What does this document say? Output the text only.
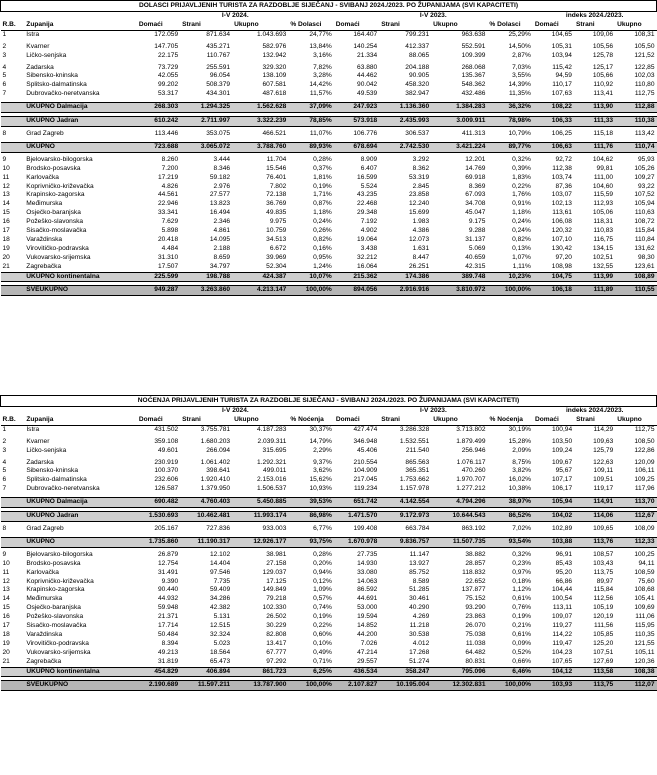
DOLASCI PRIJAVLJENIH TURISTA ZA RAZDOBLJE SIJEČANJ - SVIBANJ 2024./2023. PO ŽUPANIJAMA (SVI KAPACITETI)												
		I-V 2024.				I-V 2023.				indeks 2024./2023.		
R.B.	Županija	Domaći	Strani	Ukupno	% Dolasci	Domaći	Strani	Ukupno	% Dolasci	Domaći	Strani	Ukupno
1	Istra	172.059	871.634	1.043.693	24,77%	164.407	799.231	963.638	25,29%	104,65	109,06	108,31

2	Kvarner	147.705	435.271	582.976	13,84%	140.254	412.337	552.591	14,50%	105,31	105,56	105,50
3	Ličko-senjska	22.175	110.767	132.942	3,16%	21.334	88.065	109.399	2,87%	103,94	125,78	121,52

4	Zadarska	73.729	255.591	329.320	7,82%	63.880	204.188	268.068	7,03%	115,42	125,17	122,85
5	Šibensko-kninska	42.055	96.054	138.109	3,28%	44.462	90.905	135.367	3,55%	94,59	105,66	102,03
6	Splitsko-dalmatinska	99.202	508.379	607.581	14,42%	90.042	458.320	548.362	14,39%	110,17	110,92	110,80
7	Dubrovačko-neretvanska	53.317	434.301	487.618	11,57%	49.539	382.947	432.486	11,35%	107,63	113,41	112,75

	UKUPNO Dalmacija	268.303	1.294.325	1.562.628	37,09%	247.923	1.136.360	1.384.283	36,32%	108,22	113,90	112,88

	UKUPNO Jadran	610.242	2.711.997	3.322.239	78,85%	573.918	2.435.993	3.009.911	78,98%	106,33	111,33	110,38

8	Grad Zagreb	113.446	353.075	466.521	11,07%	106.776	306.537	411.313	10,79%	106,25	115,18	113,42

	UKUPNO	723.688	3.065.072	3.788.760	89,93%	678.694	2.742.530	3.421.224	89,77%	106,63	111,76	110,74

9	Bjelovarsko-bilogorska	8.260	3.444	11.704	0,28%	8.909	3.292	12.201	0,32%	92,72	104,62	95,93
10	Brodsko-posavska	7.200	8.346	15.546	0,37%	6.407	8.362	14.769	0,39%	112,38	99,81	105,26
11	Karlovačka	17.219	59.182	76.401	1,81%	16.599	53.319	69.918	1,83%	103,74	111,00	109,27
12	Koprivničko-križevačka	4.826	2.976	7.802	0,19%	5.524	2.845	8.369	0,22%	87,36	104,60	93,22
13	Krapinsko-zagorska	44.561	27.577	72.138	1,71%	43.235	23.858	67.093	1,76%	103,07	115,59	107,52
14	Međimurska	22.946	13.823	36.769	0,87%	22.468	12.240	34.708	0,91%	102,13	112,93	105,94
15	Osječko-baranjska	33.341	16.494	49.835	1,18%	29.348	15.699	45.047	1,18%	113,61	105,06	110,63
16	Požeško-slavonska	7.629	2.346	9.975	0,24%	7.192	1.983	9.175	0,24%	106,08	118,31	108,72
17	Sisačko-moslavačka	5.898	4.861	10.759	0,26%	4.902	4.386	9.288	0,24%	120,32	110,83	115,84
18	Varaždinska	20.418	14.095	34.513	0,82%	19.064	12.073	31.137	0,82%	107,10	116,75	110,84
19	Virovitičko-podravska	4.484	2.188	6.672	0,16%	3.438	1.631	5.069	0,13%	130,42	134,15	131,62
20	Vukovarsko-srijemska	31.310	8.659	39.969	0,95%	32.212	8.447	40.659	1,07%	97,20	102,51	98,30
21	Zagrebačka	17.507	34.797	52.304	1,24%	16.064	26.251	42.315	1,11%	108,98	132,55	123,61
	UKUPNO kontinentalna	225.599	198.788	424.387	10,07%	215.362	174.386	389.748	10,23%	104,75	113,99	108,89

	SVEUKUPNO	949.287	3.263.860	4.213.147	100,00%	894.056	2.916.916	3.810.972	100,00%	106,18	111,89	110,55
NOĆENJA PRIJAVLJENIH TURISTA ZA RAZDOBLJE SIJEČANJ - SVIBANJ 2024./2023. PO ŽUPANIJAMA (SVI KAPACITETI)												
		I-V 2024.				I-V 2023.				indeks 2024./2023.		
R.B.	Županija	Domaći	Strani	Ukupno	% Noćenja	Domaći	Strani	Ukupno	% Noćenja	Domaći	Strani	Ukupno
1	Istra	431.502	3.755.781	4.187.283	30,37%	427.474	3.286.328	3.713.802	30,19%	100,94	114,29	112,75

2	Kvarner	359.108	1.680.203	2.039.311	14,79%	346.948	1.532.551	1.879.499	15,28%	103,50	109,63	108,50
3	Ličko-senjska	49.601	266.094	315.695	2,29%	45.406	211.540	256.946	2,09%	109,24	125,79	122,86

4	Zadarska	230.919	1.061.402	1.292.321	9,37%	210.554	865.563	1.076.117	8,75%	109,67	122,63	120,09
5	Šibensko-kninska	100.370	398.641	499.011	3,62%	104.909	365.351	470.260	3,82%	95,67	109,11	106,11
6	Splitsko-dalmatinska	232.606	1.920.410	2.153.016	15,62%	217.045	1.753.662	1.970.707	16,02%	107,17	109,51	109,25
7	Dubrovačko-neretvanska	126.587	1.379.950	1.506.537	10,93%	119.234	1.157.978	1.277.212	10,38%	106,17	119,17	117,96

	UKUPNO Dalmacija	690.482	4.760.403	5.450.885	39,53%	651.742	4.142.554	4.794.296	38,97%	105,94	114,91	113,70

	UKUPNO Jadran	1.530.693	10.462.481	11.993.174	86,98%	1.471.570	9.172.973	10.644.543	86,52%	104,02	114,06	112,67

8	Grad Zagreb	205.167	727.836	933.003	6,77%	199.408	663.784	863.192	7,02%	102,89	109,65	108,09

	UKUPNO	1.735.860	11.190.317	12.926.177	93,75%	1.670.978	9.836.757	11.507.735	93,54%	103,88	113,76	112,33

9	Bjelovarsko-bilogorska	26.879	12.102	38.981	0,28%	27.735	11.147	38.882	0,32%	96,91	108,57	100,25
10	Brodsko-posavska	12.754	14.404	27.158	0,20%	14.930	13.927	28.857	0,23%	85,43	103,43	94,11
11	Karlovačka	31.491	97.546	129.037	0,94%	33.080	85.752	118.832	0,97%	95,20	113,75	108,59
12	Koprivničko-križevačka	9.390	7.735	17.125	0,12%	14.063	8.589	22.652	0,18%	66,86	89,97	75,60
13	Krapinsko-zagorska	90.440	59.409	149.849	1,09%	86.592	51.285	137.877	1,12%	104,44	115,84	108,68
14	Međimurska	44.932	34.286	79.218	0,57%	44.691	30.461	75.152	0,61%	100,54	112,56	105,41
15	Osječko-baranjska	59.948	42.382	102.330	0,74%	53.000	40.290	93.290	0,76%	113,11	105,19	109,69
16	Požeško-slavonska	21.371	5.131	26.502	0,19%	19.594	4.269	23.863	0,19%	109,07	120,19	111,06
17	Sisačko-moslavačka	17.714	12.515	30.229	0,22%	14.852	11.218	26.070	0,21%	119,27	111,56	115,95
18	Varaždinska	50.484	32.324	82.808	0,60%	44.200	30.538	75.038	0,61%	114,22	105,85	110,35
19	Virovitičko-podravska	8.394	5.023	13.417	0,10%	7.026	4.012	11.038	0,09%	119,47	125,20	121,55
20	Vukovarsko-srijemska	49.213	18.564	67.777	0,49%	47.214	17.268	64.482	0,52%	104,23	107,51	105,11
21	Zagrebačka	31.819	65.473	97.292	0,71%	29.557	51.274	80.831	0,66%	107,65	127,69	120,36
	UKUPNO kontinentalna	454.829	406.894	861.723	6,25%	436.534	358.247	795.096	6,46%	104,12	113,58	108,38

	SVEUKUPNO	2.190.689	11.597.211	13.787.900	100,00%	2.107.827	10.195.004	12.302.831	100,00%	103,93	113,75	112,07
